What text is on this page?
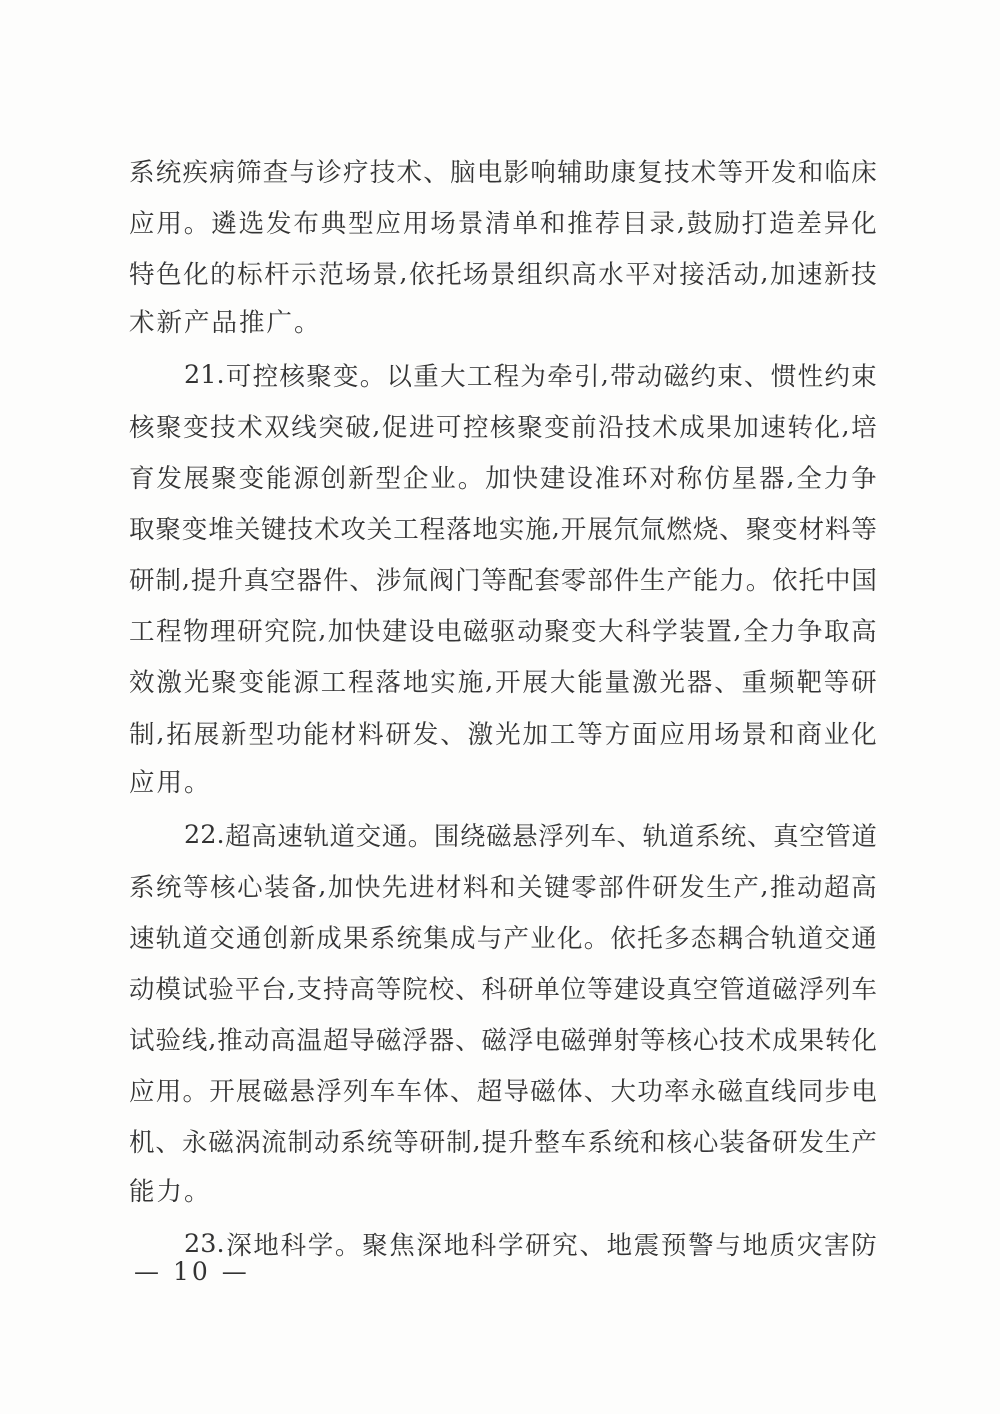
系 统 疾 病 筛 查 与 诊 疗 技 术 、 脑 电 影 响 辅 助 康 复 技 术 等 开 发 和 临 床
应 用 。 遴 选 发 布 典 型 应 用 场 景 清 单 和 推 荐 目 录 , 鼓 励 打 造 差 异 化
特 色 化 的 标 杆 示 范 场 景 , 依 托 场 景 组 织 高 水 平 对 接 活 动 , 加 速 新 技
术新产品推广。
21. 可 控 核 聚 变 。 以 重 大 工 程 为 牵 引 , 带 动 磁 约 束 、 惯 性 约 束
核 聚 变 技 术 双 线 突 破 , 促 进 可 控 核 聚 变 前 沿 技 术 成 果 加 速 转 化 , 培
育 发 展 聚 变 能 源 创 新 型 企 业 。 加 快 建 设 准 环 对 称 仿 星 器 , 全 力 争
取 聚 变 堆 关 键 技 术 攻 关 工 程 落 地 实 施 , 开 展 氘 氚 燃 烧 、 聚 变 材 料 等
研 制 , 提 升 真 空 器 件 、 涉 氚 阀 门 等 配 套 零 部 件 生 产 能 力 。 依 托 中 国
工 程 物 理 研 究 院 , 加 快 建 设 电 磁 驱 动 聚 变 大 科 学 装 置 , 全 力 争 取 高
效 激 光 聚 变 能 源 工 程 落 地 实 施 , 开 展 大 能 量 激 光 器 、 重 频 靶 等 研
制 , 拓 展 新 型 功 能 材 料 研 发 、 激 光 加 工 等 方 面 应 用 场 景 和 商 业 化
应用。
22. 超 高 速 轨 道 交 通 。 围 绕 磁 悬 浮 列 车 、 轨 道 系 统 、 真 空 管 道
系 统 等 核 心 装 备 , 加 快 先 进 材 料 和 关 键 零 部 件 研 发 生 产 , 推 动 超 高
速 轨 道 交 通 创 新 成 果 系 统 集 成 与 产 业 化 。 依 托 多 态 耦 合 轨 道 交 通
动 模 试 验 平 台 , 支 持 高 等 院 校 、 科 研 单 位 等 建 设 真 空 管 道 磁 浮 列 车
试 验 线 , 推 动 高 温 超 导 磁 浮 器 、 磁 浮 电 磁 弹 射 等 核 心 技 术 成 果 转 化
应 用 。 开 展 磁 悬 浮 列 车 车 体 、 超 导 磁 体 、 大 功 率 永 磁 直 线 同 步 电
机 、 永 磁 涡 流 制 动 系 统 等 研 制 , 提 升 整 车 系 统 和 核 心 装 备 研 发 生 产
能力。
23. 深 地 科 学 。 聚 焦 深 地 科 学 研 究 、 地 震 预 警 与 地 质 灾 害 防
— 10 —
